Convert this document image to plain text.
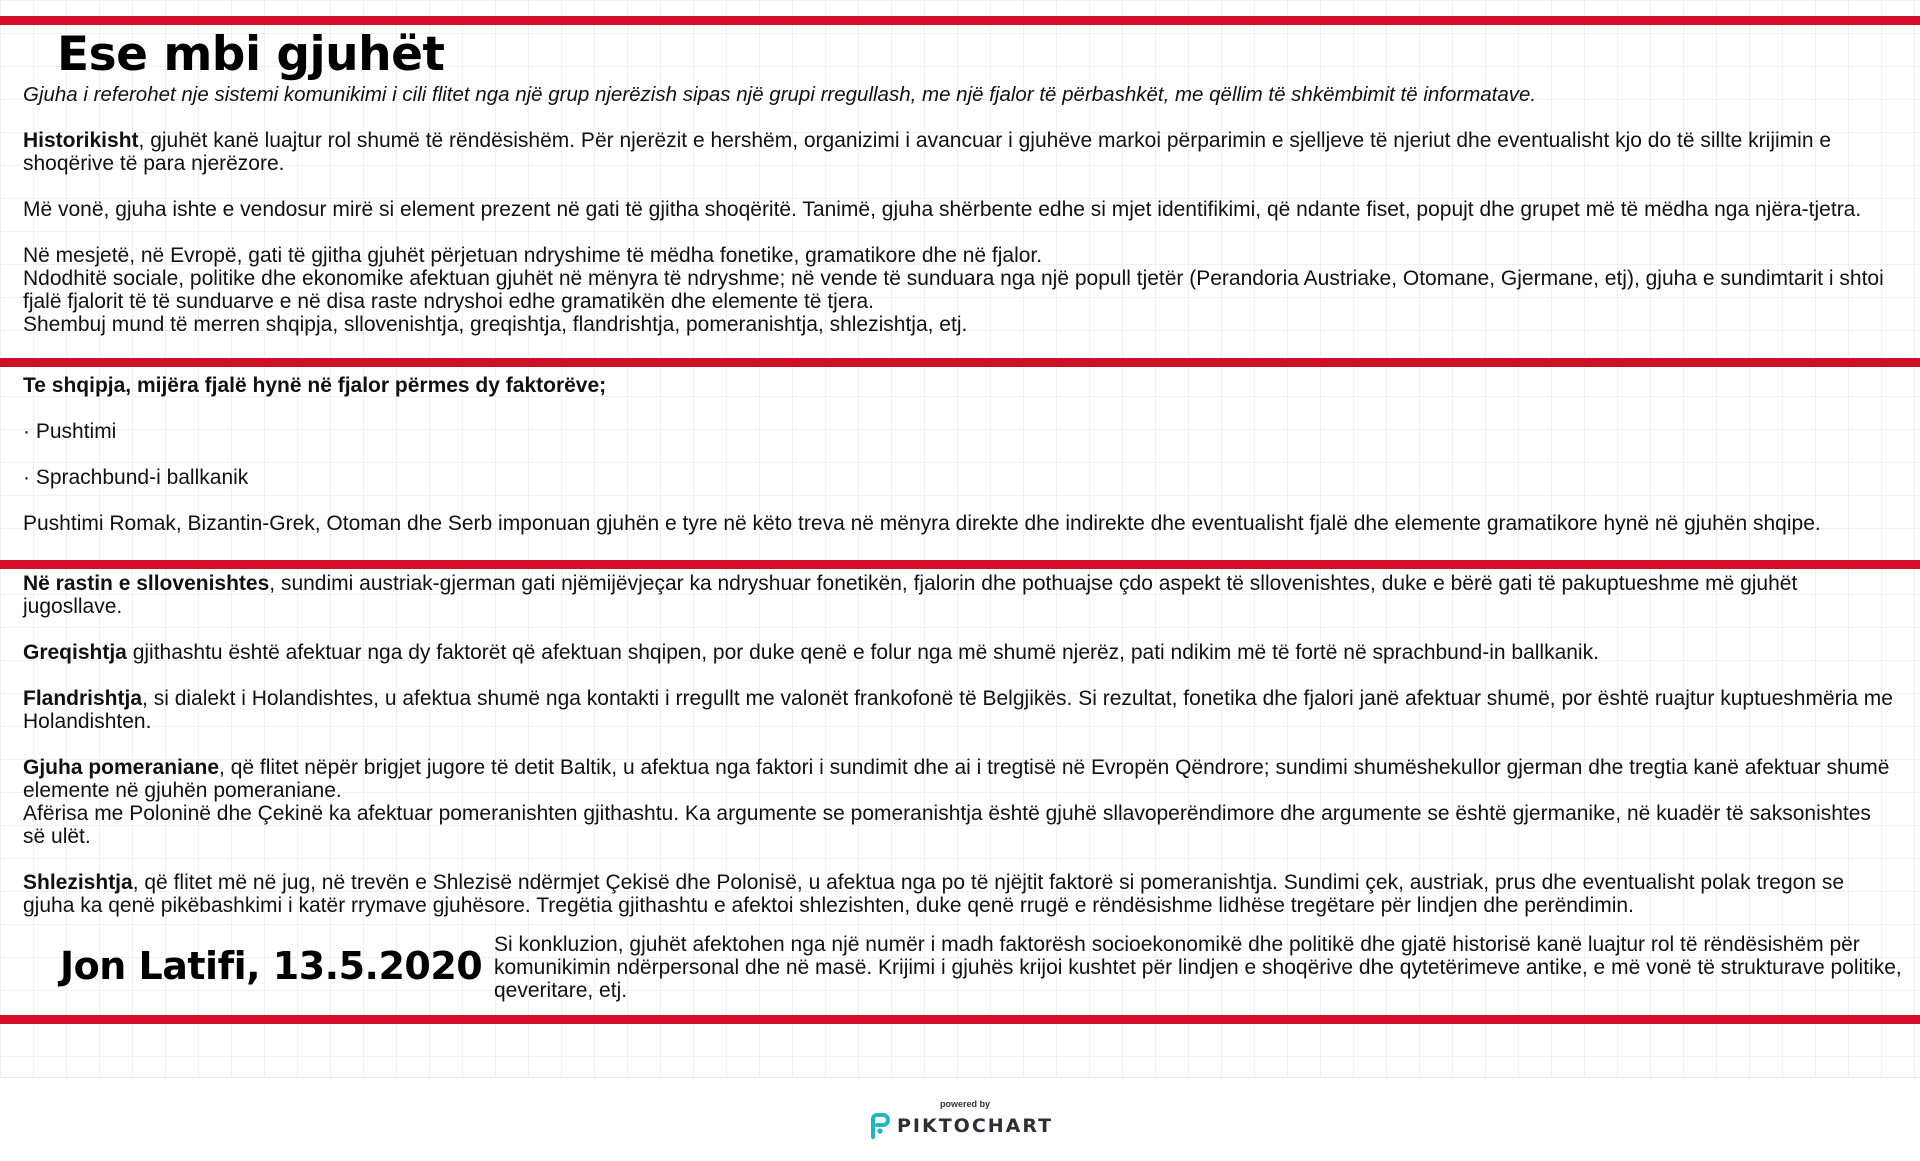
Ese mbi gjuhët

Gjuha i referohet nje sistemi komunikimi i cili flitet nga një grup njerëzish sipas një grupi rregullash, me një fjalor të përbashkët, me qëllim të shkëmbimit të informatave.

Historikisht, gjuhët kanë luajtur rol shumë të rëndësishëm. Për njerëzit e hershëm, organizimi i avancuar i gjuhëve markoi përparimin e sjelljeve të njeriut dhe eventualisht kjo do të sillte krijimin e shoqërive të para njerëzore.

Më vonë, gjuha ishte e vendosur mirë si element prezent në gati të gjitha shoqëritë. Tanimë, gjuha shërbente edhe si mjet identifikimi, që ndante fiset, popujt dhe grupet më të mëdha nga njëra-tjetra.

Në mesjetë, në Evropë, gati të gjitha gjuhët përjetuan ndryshime të mëdha fonetike, gramatikore dhe në fjalor.

Ndodhitë sociale, politike dhe ekonomike afektuan gjuhët në mënyra të ndryshme; në vende të sunduara nga një popull tjetër (Perandoria Austriake, Otomane, Gjermane, etj), gjuha e sundimtarit i shtoi fjalë fjalorit të të sunduarve e në disa raste ndryshoi edhe gramatikën dhe elemente të tjera.

Shembuj mund të merren shqipja, sllovenishtja, greqishtja, flandrishtja, pomeranishtja, shlezishtja, etj.

Te shqipja, mijëra fjalë hynë në fjalor përmes dy faktorëve;

· Pushtimi

· Sprachbund-i ballkanik

Pushtimi Romak, Bizantin-Grek, Otoman dhe Serb imponuan gjuhën e tyre në këto treva në mënyra direkte dhe indirekte dhe eventualisht fjalë dhe elemente gramatikore hynë në gjuhën shqipe.

Në rastin e sllovenishtes, sundimi austriak-gjerman gati njëmijëvjeçar ka ndryshuar fonetikën, fjalorin dhe pothuajse çdo aspekt të sllovenishtes, duke e bërë gati të pakuptueshme më gjuhët jugosllave.

Greqishtja gjithashtu është afektuar nga dy faktorët që afektuan shqipen, por duke qenë e folur nga më shumë njerëz, pati ndikim më të fortë në sprachbund-in ballkanik.

Flandrishtja, si dialekt i Holandishtes, u afektua shumë nga kontakti i rregullt me valonët frankofonë të Belgjikës. Si rezultat, fonetika dhe fjalori janë afektuar shumë, por është ruajtur kuptueshmëria me Holandishten.

Gjuha pomeraniane, që flitet nëpër brigjet jugore të detit Baltik, u afektua nga faktori i sundimit dhe ai i tregtisë në Evropën Qëndrore; sundimi shumëshekullor gjerman dhe tregtia kanë afektuar shumë elemente në gjuhën pomeraniane.

Afërisa me Poloninë dhe Çekinë ka afektuar pomeranishten gjithashtu. Ka argumente se pomeranishtja është gjuhë sllavoperëndimore dhe argumente se është gjermanike, në kuadër të saksonishtes së ulët.

Shlezishtja, që flitet më në jug, në trevën e Shlezisë ndërmjet Çekisë dhe Polonisë, u afektua nga po të njëjtit faktorë si pomeranishtja. Sundimi çek, austriak, prus dhe eventualisht polak tregon se gjuha ka qenë pikëbashkimi i katër rrymave gjuhësore. Tregëtia gjithashtu e afektoi shlezishten, duke qenë rrugë e rëndësishme lidhëse tregëtare për lindjen dhe perëndimin.

Jon Latifi, 13.5.2020 Si konkluzion, gjuhët afektohen nga një numër i madh faktorësh socioekonomikë dhe politikë dhe gjatë historisë kanë luajtur rol të rëndësishëm për komunikimin ndërpersonal dhe në masë. Krijimi i gjuhës krijoi kushtet për lindjen e shoqërive dhe qytetërimeve antike, e më vonë të strukturave politike, qeveritare, etj.

powered by

PIKTOCHART
